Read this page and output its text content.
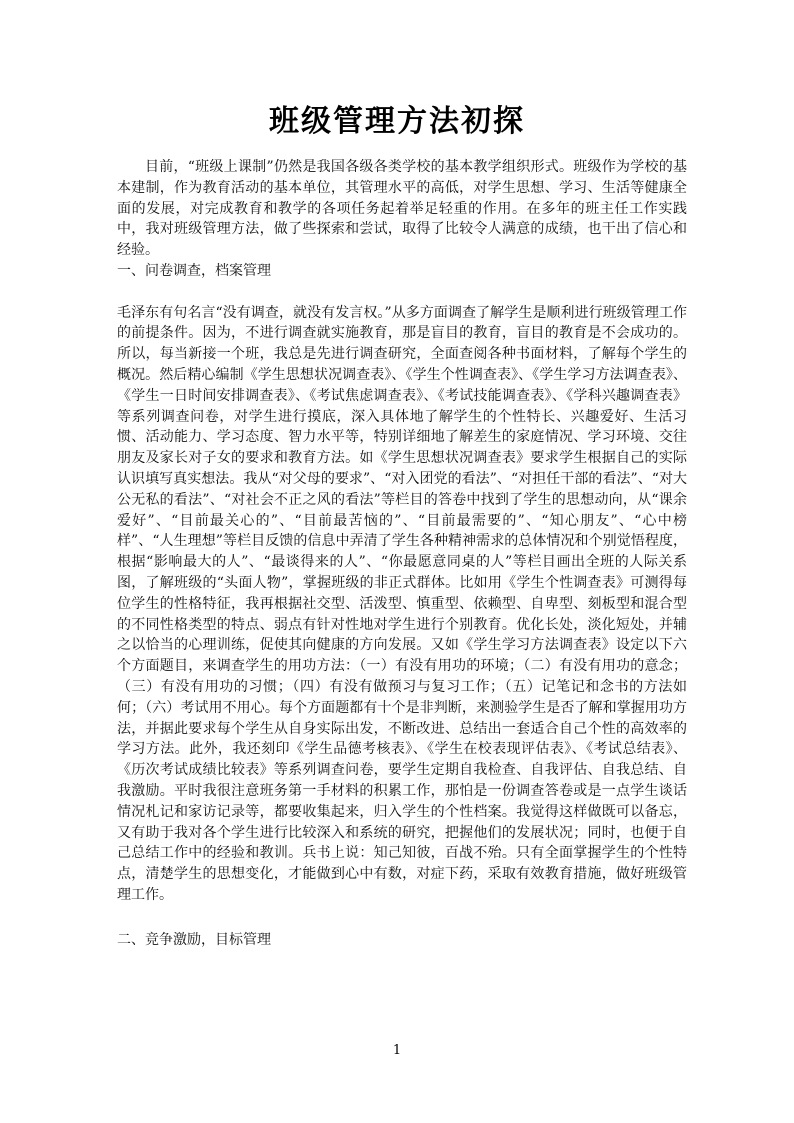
班级管理方法初探

目前，“班级上课制”仍然是我国各级各类学校的基本教学组织形式。班级作为学校的基本建制，作为教育活动的基本单位，其管理水平的高低，对学生思想、学习、生活等健康全面的发展，对完成教育和教学的各项任务起着举足轻重的作用。在多年的班主任工作实践中，我对班级管理方法，做了些探索和尝试，取得了比较令人满意的成绩，也干出了信心和经验。

一、问卷调查，档案管理

毛泽东有句名言“没有调查，就没有发言权。”从多方面调查了解学生是顺利进行班级管理工作的前提条件。因为，不进行调查就实施教育，那是盲目的教育，盲目的教育是不会成功的。所以，每当新接一个班，我总是先进行调查研究，全面查阅各种书面材料，了解每个学生的概况。然后精心编制《学生思想状况调查表》、《学生个性调查表》、《学生学习方法调查表》、《学生一日时间安排调查表》、《考试焦虑调查表》、《考试技能调查表》、《学科兴趣调查表》等系列调查问卷，对学生进行摸底，深入具体地了解学生的个性特长、兴趣爱好、生活习惯、活动能力、学习态度、智力水平等，特别详细地了解差生的家庭情况、学习环境、交往朋友及家长对子女的要求和教育方法。如《学生思想状况调查表》要求学生根据自己的实际认识填写真实想法。我从“对父母的要求”、“对入团党的看法”、“对担任干部的看法”、“对大公无私的看法”、“对社会不正之风的看法”等栏目的答卷中找到了学生的思想动向，从“课余爱好”、“目前最关心的”、“目前最苦恼的”、“目前最需要的”、“知心朋友”、“心中榜样”、“人生理想”等栏目反馈的信息中弄清了学生各种精神需求的总体情况和个别觉悟程度，根据“影响最大的人”、“最谈得来的人”、“你最愿意同桌的人”等栏目画出全班的人际关系图，了解班级的“头面人物”，掌握班级的非正式群体。比如用《学生个性调查表》可测得每位学生的性格特征，我再根据社交型、活泼型、慎重型、依赖型、自卑型、刻板型和混合型的不同性格类型的特点、弱点有针对性地对学生进行个别教育。优化长处，淡化短处，并辅之以恰当的心理训练，促使其向健康的方向发展。又如《学生学习方法调查表》设定以下六个方面题目，来调查学生的用功方法：（一）有没有用功的环境；（二）有没有用功的意念；（三）有没有用功的习惯；（四）有没有做预习与复习工作；（五）记笔记和念书的方法如何；（六）考试用不用心。每个方面题都有十个是非判断，来测验学生是否了解和掌握用功方法，并据此要求每个学生从自身实际出发，不断改进、总结出一套适合自己个性的高效率的学习方法。此外，我还刻印《学生品德考核表》、《学生在校表现评估表》、《考试总结表》、《历次考试成绩比较表》等系列调查问卷，要学生定期自我检查、自我评估、自我总结、自我激励。平时我很注意班务第一手材料的积累工作，那怕是一份调查答卷或是一点学生谈话情况札记和家访记录等，都要收集起来，归入学生的个性档案。我觉得这样做既可以备忘，又有助于我对各个学生进行比较深入和系统的研究，把握他们的发展状况；同时，也便于自己总结工作中的经验和教训。兵书上说：知己知彼，百战不殆。只有全面掌握学生的个性特点，清楚学生的思想变化，才能做到心中有数，对症下药，采取有效教育措施，做好班级管理工作。

二、竞争激励，目标管理

1
